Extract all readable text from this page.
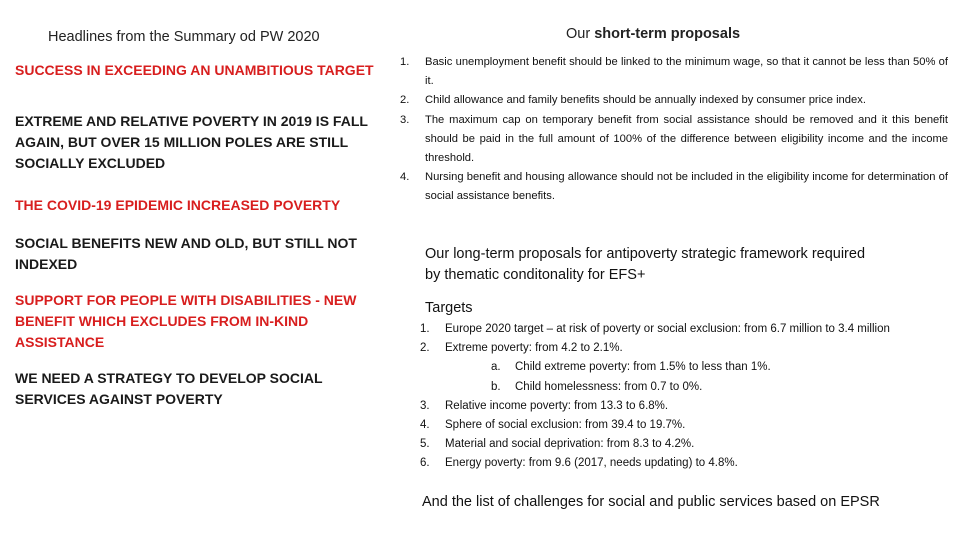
Headlines from the Summary od PW 2020
SUCCESS IN EXCEEDING AN UNAMBITIOUS TARGET
EXTREME AND RELATIVE POVERTY IN 2019 IS FALL AGAIN, BUT OVER 15 MILLION POLES ARE STILL SOCIALLY EXCLUDED
THE COVID-19 EPIDEMIC INCREASED POVERTY
SOCIAL BENEFITS NEW AND OLD, BUT STILL NOT INDEXED
SUPPORT FOR PEOPLE WITH DISABILITIES - NEW BENEFIT WHICH EXCLUDES FROM IN-KIND ASSISTANCE
WE NEED A STRATEGY TO DEVELOP SOCIAL SERVICES AGAINST POVERTY
Our short-term proposals
1. Basic unemployment benefit should be linked to the minimum wage, so that it cannot be less than 50% of it.
2. Child allowance and family benefits should be annually indexed by consumer price index.
3. The maximum cap on temporary benefit from social assistance should be removed and it this benefit should be paid in the full amount of 100% of the difference between eligibility income and the income threshold.
4. Nursing benefit and housing allowance should not be included in the eligibility income for determination of social assistance benefits.
Our long-term proposals for antipoverty strategic framework required by thematic conditonality for EFS+
Targets
1. Europe 2020 target – at risk of poverty or social exclusion: from 6.7 million to 3.4 million
2. Extreme poverty: from 4.2 to 2.1%.
a. Child extreme poverty: from 1.5% to less than 1%.
b. Child homelessness: from 0.7 to 0%.
3. Relative income poverty: from 13.3 to 6.8%.
4. Sphere of social exclusion: from 39.4 to 19.7%.
5. Material and social deprivation: from 8.3 to 4.2%.
6. Energy poverty: from 9.6 (2017, needs updating) to 4.8%.
And the list of challenges for social and public services based on EPSR
